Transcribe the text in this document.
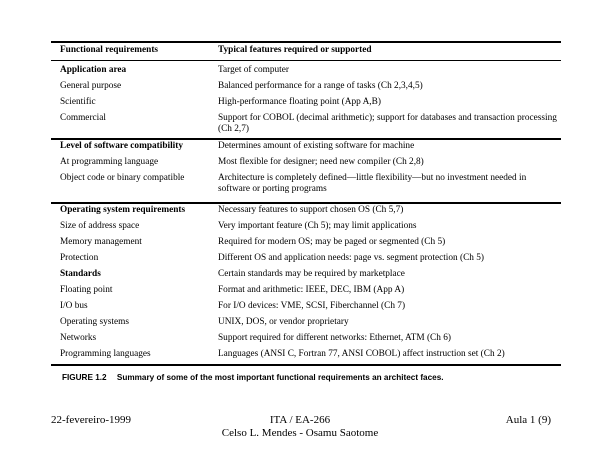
Functional requirements	Typical features required or supported
Application area	Target of computer
General purpose	Balanced performance for a range of tasks (Ch 2,3,4,5)
Scientific	High-performance floating point (App A,B)
Commercial	Support for COBOL (decimal arithmetic); support for databases and transaction processing (Ch 2,7)
Level of software compatibility	Determines amount of existing software for machine
At programming language	Most flexible for designer; need new compiler (Ch 2,8)
Object code or binary compatible	Architecture is completely defined—little flexibility—but no investment needed in software or porting programs
Operating system requirements	Necessary features to support chosen OS (Ch 5,7)
Size of address space	Very important feature (Ch 5); may limit applications
Memory management	Required for modern OS; may be paged or segmented (Ch 5)
Protection	Different OS and application needs: page vs. segment protection (Ch 5)
Standards	Certain standards may be required by marketplace
Floating point	Format and arithmetic: IEEE, DEC, IBM (App A)
I/O bus	For I/O devices: VME, SCSI, Fiberchannel (Ch 7)
Operating systems	UNIX, DOS, or vendor proprietary
Networks	Support required for different networks: Ethernet, ATM (Ch 6)
Programming languages	Languages (ANSI C, Fortran 77, ANSI COBOL) affect instruction set (Ch 2)
FIGURE 1.2 Summary of some of the most important functional requirements an architect faces.
22-fevereiro-1999	ITA / EA-266
Celso L. Mendes - Osamu Saotome
Aula 1 (9)
